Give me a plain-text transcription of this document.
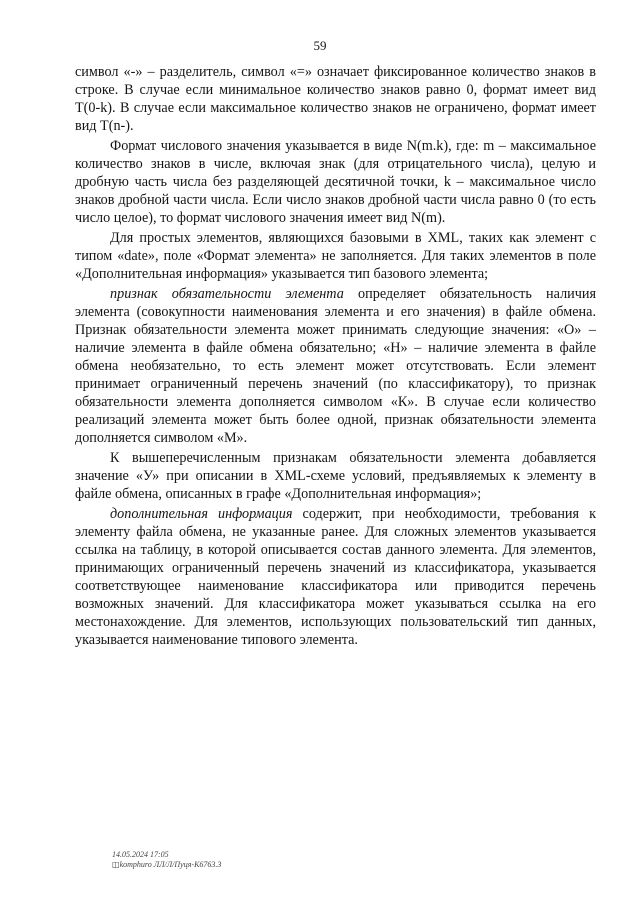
59

символ «-» – разделитель, символ «=» означает фиксированное количество знаков в строке. В случае если минимальное количество знаков равно 0, формат имеет вид T(0-k). В случае если максимальное количество знаков не ограничено, формат имеет вид T(n-).

Формат числового значения указывается в виде N(m.k), где: m – максимальное количество знаков в числе, включая знак (для отрицательного числа), целую и дробную часть числа без разделяющей десятичной точки, k – максимальное число знаков дробной части числа. Если число знаков дробной части числа равно 0 (то есть число целое), то формат числового значения имеет вид N(m).

Для простых элементов, являющихся базовыми в XML, таких как элемент с типом «date», поле «Формат элемента» не заполняется. Для таких элементов в поле «Дополнительная информация» указывается тип базового элемента;

признак обязательности элемента определяет обязательность наличия элемента (совокупности наименования элемента и его значения) в файле обмена. Признак обязательности элемента может принимать следующие значения: «О» – наличие элемента в файле обмена обязательно; «Н» – наличие элемента в файле обмена необязательно, то есть элемент может отсутствовать. Если элемент принимает ограниченный перечень значений (по классификатору), то признак обязательности элемента дополняется символом «К». В случае если количество реализаций элемента может быть более одной, признак обязательности элемента дополняется символом «М».

К вышеперечисленным признакам обязательности элемента добавляется значение «У» при описании в XML-схеме условий, предъявляемых к элементу в файле обмена, описанных в графе «Дополнительная информация»;

дополнительная информация содержит, при необходимости, требования к элементу файла обмена, не указанные ранее. Для сложных элементов указывается ссылка на таблицу, в которой описывается состав данного элемента. Для элементов, принимающих ограниченный перечень значений из классификатора, указывается соответствующее наименование классификатора или приводится перечень возможных значений. Для классификатора может указываться ссылка на его местонахождение. Для элементов, использующих пользовательский тип данных, указывается наименование типового элемента.

14.05.2024 17:05
◫komphuro ЛЛ/Л/Пуця-К6763.3
